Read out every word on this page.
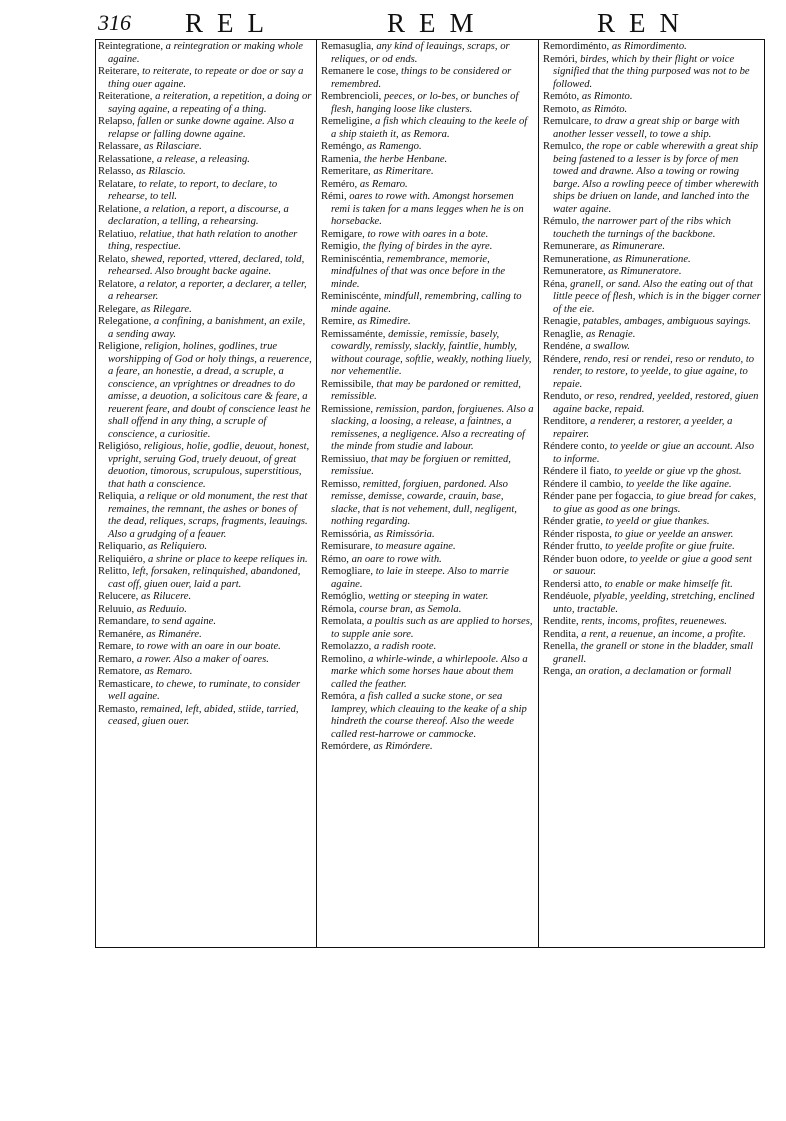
316 REL	REM	REN

Reintegratione, a reintegration or making whole againe.

Reiterare, to reiterate, to repeate or doe or say a thing ouer againe.

Reiteratione, a reiteration, a repetition, a doing or saying againe, a repeating of a thing.

Relapso, fallen or sunke downe againe. Also a relapse or falling downe againe.

Relassare, as Rilasciare.

Relassatione, a release, a releasing.

Relasso, as Rilascio.

Relatare, to relate, to report, to declare, to rehearse, to tell.

Relatione, a relation, a report, a discourse, a declaration, a telling, a rehearsing.

Relatiuo, relatiue, that hath relation to another thing, respectiue.

Relato, shewed, reported, vttered, declared, told, rehearsed. Also brought backe againe.

Relatore, a relator, a reporter, a declarer, a teller, a rehearser.

Relegare, as Rilegare.

Relegatione, a confining, a banishment, an exile, a sending away.

Religione, religion, holines, godlines, true worshipping of God or holy things, a reuerence, a feare, an honestie, a dread, a scruple, a conscience, an vprightnes or dreadnes to do amisse, a deuotion, a solicitous care & feare, a reuerent feare, and doubt of conscience least he shall offend in any thing, a scruple of conscience, a curiositie.

Religióso, religious, holie, godlie, deuout, honest, vpright, seruing God, truely deuout, of great deuotion, timorous, scrupulous, superstitious, that hath a conscience.

Reliquia, a relique or old monument, the rest that remaines, the remnant, the ashes or bones of the dead, reliques, scraps, fragments, leauings. Also a grudging of a feauer.

Reliquario, as Reliquiero.

Reliquiéro, a shrine or place to keepe reliques in.

Relitto, left, forsaken, relinquished, abandoned, cast off, giuen ouer, laid a part.

Relucere, as Rilucere.

Reluuio, as Reduuio.

Remandare, to send againe.

Remanére, as Rimanére.

Remare, to rowe with an oare in our boate.

Remaro, a rower. Also a maker of oares.

Rematore, as Remaro.

Remasticare, to chewe, to ruminate, to consider well againe.

Remasto, remained, left, abided, stiide, tarried, ceased, giuen ouer.

Remasuglia, any kind of leauings, scraps, or reliques, or od ends.

Remanere le cose, things to be considered or remembred.

Rembrencioli, peeces, or lo-bes, or bunches of flesh, hanging loose like clusters.

Remeligine, a fish which cleauing to the keele of a ship staieth it, as Remora.

Reméngo, as Ramengo.

Ramenia, the herbe Henbane.

Remeritare, as Rimeritare.

Reméro, as Remaro.

Rémi, oares to rowe with. Amongst horsemen remi is taken for a mans legges when he is on horsebacke.

Remigare, to rowe with oares in a bote.

Remigio, the flying of birdes in the ayre.

Reminiscéntia, remembrance, memorie, mindfulnes of that was once before in the minde.

Reminiscénte, mindfull, remembring, calling to minde againe.

Remire, as Rimedire.

Remissaménte, demissie, remissie, basely, cowardly, remissly, slackly, faintlie, humbly, without courage, softlie, weakly, nothing liuely, nor vehementlie.

Remissibile, that may be pardoned or remitted, remissible.

Remissione, remission, pardon, forgiuenes. Also a slacking, a loosing, a release, a faintnes, a remissenes, a negligence. Also a recreating of the minde from studie and labour.

Remissiuo, that may be forgiuen or remitted, remissiue.

Remisso, remitted, forgiuen, pardoned. Also remisse, demisse, cowarde, crauin, base, slacke, that is not vehement, dull, negligent, nothing regarding.

Remissória, as Rimissória.

Remisurare, to measure againe.

Rémo, an oare to rowe with.

Remogliare, to laie in steepe. Also to marrie againe.

Remóglio, wetting or steeping in water.

Rémola, course bran, as Semola.

Remolata, a poultis such as are applied to horses, to supple anie sore.

Remolazzo, a radish roote.

Remolino, a whirle-winde, a whirlepoole. Also a marke which some horses haue about them called the feather.

Remóra, a fish called a sucke stone, or sea lamprey, which cleauing to the keake of a ship hindreth the course thereof. Also the weede called rest-harrowe or cammocke.

Remórdere, as Rimórdere.

Remordiménto, as Rimordimento.

Remóri, birdes, which by their flight or voice signified that the thing purposed was not to be followed.

Remóto, as Rimonto.

Remoto, as Rimóto.

Remulcare, to draw a great ship or barge with another lesser vessell, to towe a ship.

Remulco, the rope or cable wherewith a great ship being fastened to a lesser is by force of men towed and drawne. Also a towing or rowing barge. Also a rowling peece of timber wherewith ships be driuen on lande, and lanched into the water againe.

Rémulo, the narrower part of the ribs which toucheth the turnings of the backbone.

Remunerare, as Rimunerare.

Remuneratione, as Rimuneratione.

Remuneratore, as Rimuneratore.

Réna, granell, or sand. Also the eating out of that little peece of flesh, which is in the bigger corner of the eie.

Renagie, patables, ambages, ambiguous sayings.

Renaglie, as Renagie.

Rendéne, a swallow.

Réndere, rendo, resi or rendei, reso or renduto, to render, to restore, to yeelde, to giue againe, to repaie.

Renduto, or reso, rendred, yeelded, restored, giuen againe backe, repaid.

Renditore, a renderer, a restorer, a yeelder, a repairer.

Réndere conto, to yeelde or giue an account. Also to informe.

Réndere il fiato, to yeelde or giue vp the ghost.

Réndere il cambio, to yeelde the like againe.

Rénder pane per fogaccia, to giue bread for cakes, to giue as good as one brings.

Rénder gratie, to yeeld or giue thankes.

Rénder risposta, to giue or yeelde an answer.

Rénder frutto, to yeelde profite or giue fruite.

Rénder buon odore, to yeelde or giue a good sent or sauour.

Rendersi atto, to enable or make himselfe fit.

Rendéuole, plyable, yeelding, stretching, enclined unto, tractable.

Rendite, rents, incoms, profites, reuenewes.

Rendita, a rent, a reuenue, an income, a profite.

Renella, the granell or stone in the bladder, small granell.

Renga, an oration, a declamation or formall
